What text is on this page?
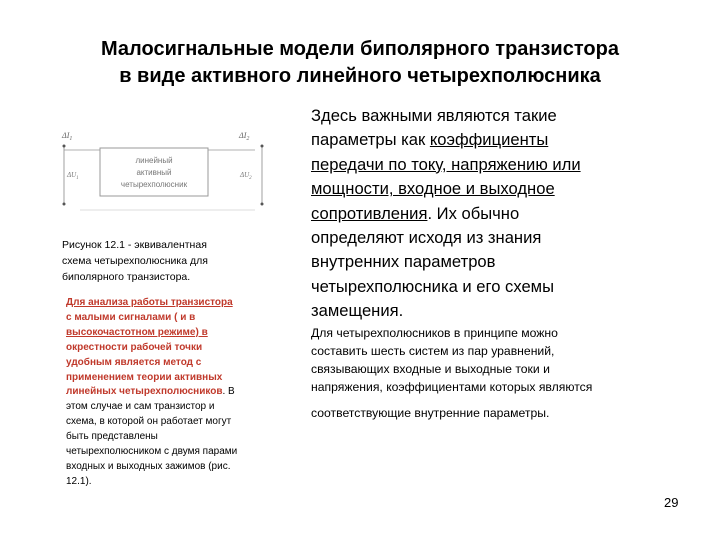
Малосигнальные модели биполярного транзистора
в виде активного линейного четырехполюсника
линейный
активный
четырехполюсник
$\Delta I_1$	$\Delta I_2$
$\Delta U_1$	$\Delta U_2$
Рисунок 12.1 - эквивалентная
схема четырехполюсника для
биполярного транзистора.
Для анализа работы транзистора
с малыми сигналами ( и в
высокочастотном режиме) в
окрестности рабочей точки
удобным является метод с
применением теории активных
линейных четырехполюсников. В
этом случае и сам транзистор и
схема, в которой он работает могут
быть представлены
четырехполюсником с двумя парами
входных и выходных зажимов (рис.
12.1).
Здесь важными являются такие
параметры как коэффициенты
передачи по току, напряжению или
мощности, входное и выходное
сопротивления. Их обычно
определяют исходя из знания
внутренних параметров
четырехполюсника и его схемы
замещения.
Для четырехполюсников в принципе можно
составить шесть систем из пар уравнений,
связывающих входные и выходные токи и
напряжения, коэффициентами которых являются
соответствующие внутренние параметры.
29
